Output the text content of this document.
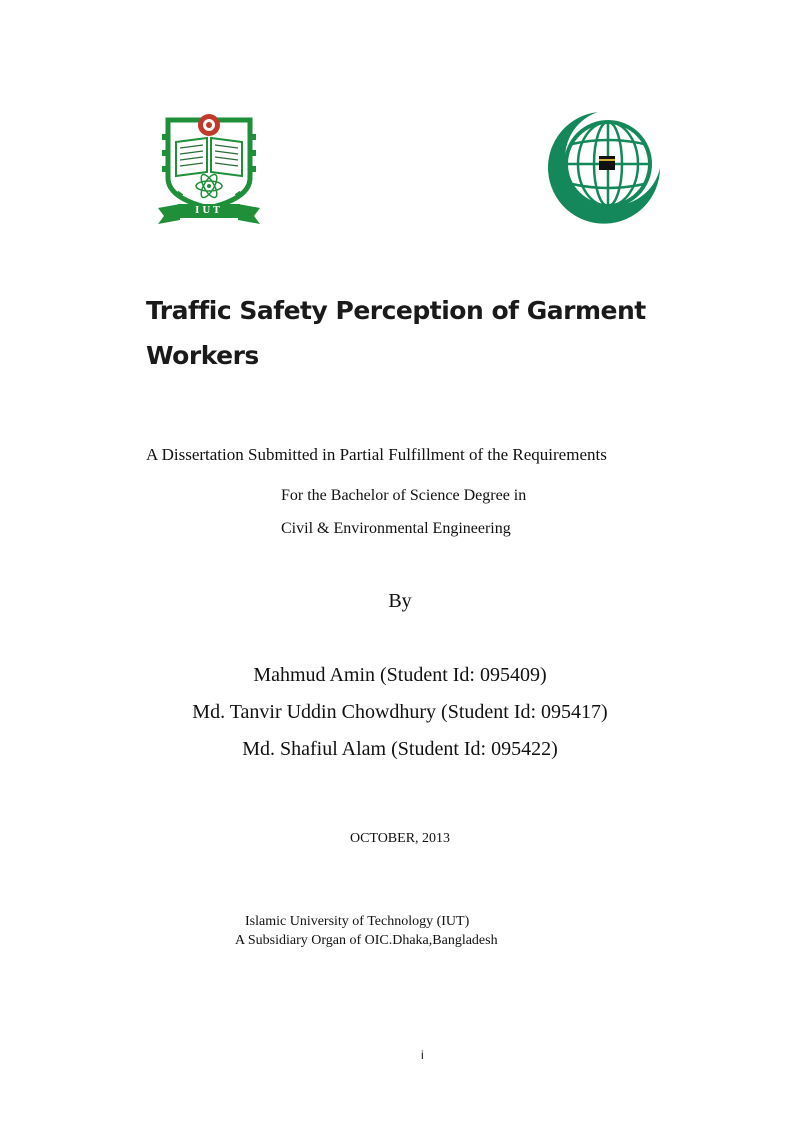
IUT
Traffic Safety Perception of Garment Workers
A Dissertation Submitted in Partial Fulfillment of the Requirements
For the Bachelor of Science Degree in
Civil & Environmental Engineering
By
Mahmud Amin (Student Id: 095409)
Md. Tanvir Uddin Chowdhury (Student Id: 095417)
Md. Shafiul Alam (Student Id: 095422)
OCTOBER, 2013
Islamic University of Technology (IUT)
A Subsidiary Organ of OIC.Dhaka,Bangladesh
i
